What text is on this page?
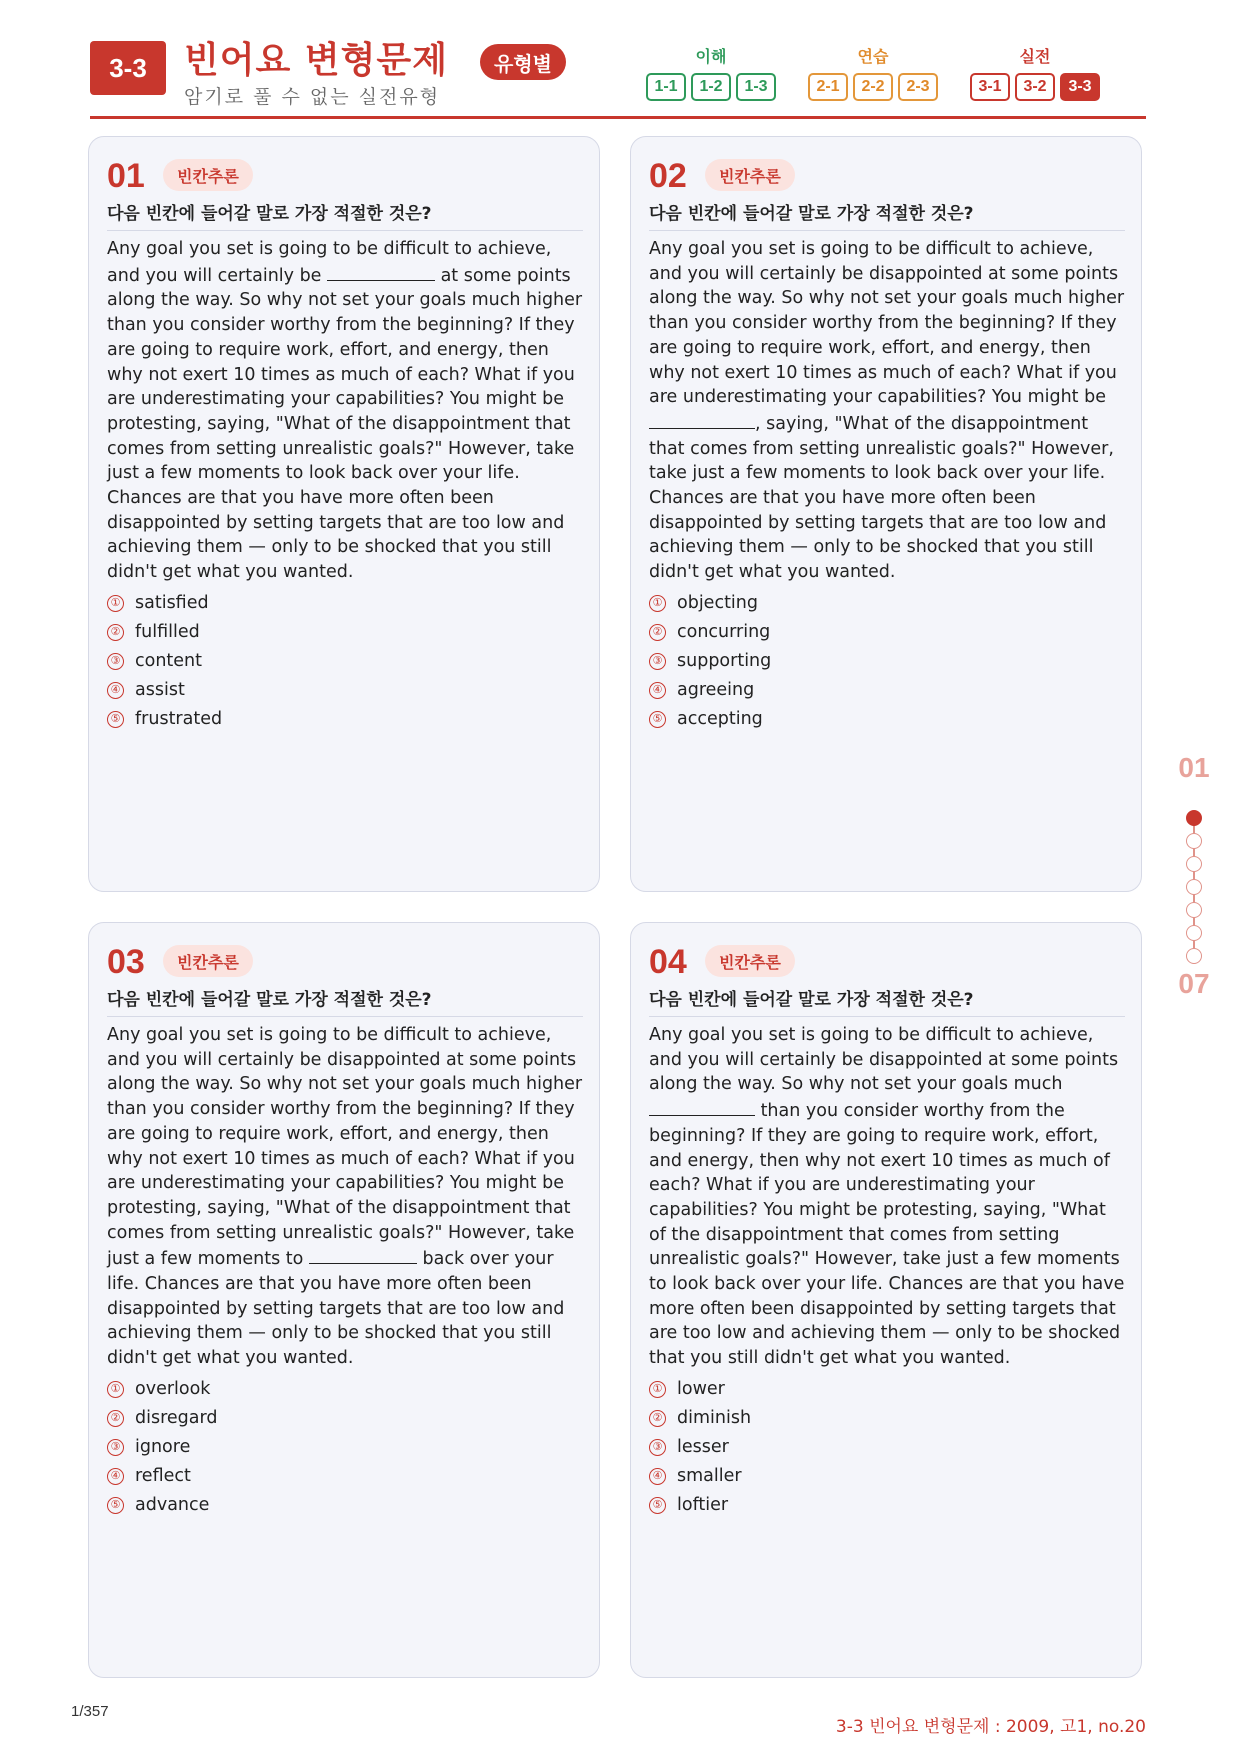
3-3	빈어요 변형문제	유형별
암기로 풀 수 없는 실전유형
이해
1-1	1-2	1-3
연습
2-1	2-2	2-3
실전
3-1	3-2	3-3
01	빈칸추론
다음 빈칸에 들어갈 말로 가장 적절한 것은?
Any goal you set is going to be difficult to achieve, and you will certainly be	at some points along the way. So why not set your goals much higher than you consider worthy from the beginning? If they are going to require work, effort, and energy, then why not exert 10 times as much of each? What if you are underestimating your capabilities? You might be protesting, saying, "What of the disappointment that comes from setting unrealistic goals?" However, take just a few moments to look back over your life. Chances are that you have more often been disappointed by setting targets that are too low and achieving them — only to be shocked that you still didn't get what you wanted.
① satisfied
② fulfilled
③ content
④ assist
⑤ frustrated
02	빈칸추론
다음 빈칸에 들어갈 말로 가장 적절한 것은?
Any goal you set is going to be difficult to achieve, and you will certainly be disappointed at some points along the way. So why not set your goals much higher than you consider worthy from the beginning? If they are going to require work, effort, and energy, then why not exert 10 times as much of each? What if you are underestimating your capabilities? You might be , saying, "What of the disappointment that comes from setting unrealistic goals?" However, take just a few moments to look back over your life. Chances are that you have more often been disappointed by setting targets that are too low and achieving them — only to be shocked that you still didn't get what you wanted.
① objecting
② concurring
③ supporting
④ agreeing
⑤ accepting
03	빈칸추론
다음 빈칸에 들어갈 말로 가장 적절한 것은?
Any goal you set is going to be difficult to achieve, and you will certainly be disappointed at some points along the way. So why not set your goals much higher than you consider worthy from the beginning? If they are going to require work, effort, and energy, then why not exert 10 times as much of each? What if you are underestimating your capabilities? You might be protesting, saying, "What of the disappointment that comes from setting unrealistic goals?" However, take just a few moments to	back over your life. Chances are that you have more often been disappointed by setting targets that are too low and achieving them — only to be shocked that you still didn't get what you wanted.
① overlook
② disregard
③ ignore
④ reflect
⑤ advance
04	빈칸추론
다음 빈칸에 들어갈 말로 가장 적절한 것은?
Any goal you set is going to be difficult to achieve, and you will certainly be disappointed at some points along the way. So why not set your goals much  than you consider worthy from the beginning? If they are going to require work, effort, and energy, then why not exert 10 times as much of each? What if you are underestimating your capabilities? You might be protesting, saying, "What of the disappointment that comes from setting unrealistic goals?" However, take just a few moments to look back over your life. Chances are that you have more often been disappointed by setting targets that are too low and achieving them — only to be shocked that you still didn't get what you wanted.
① lower
② diminish
③ lesser
④ smaller
⑤ loftier
01
07
1/357
3-3 빈어요 변형문제 : 2009, 고1, no.20
